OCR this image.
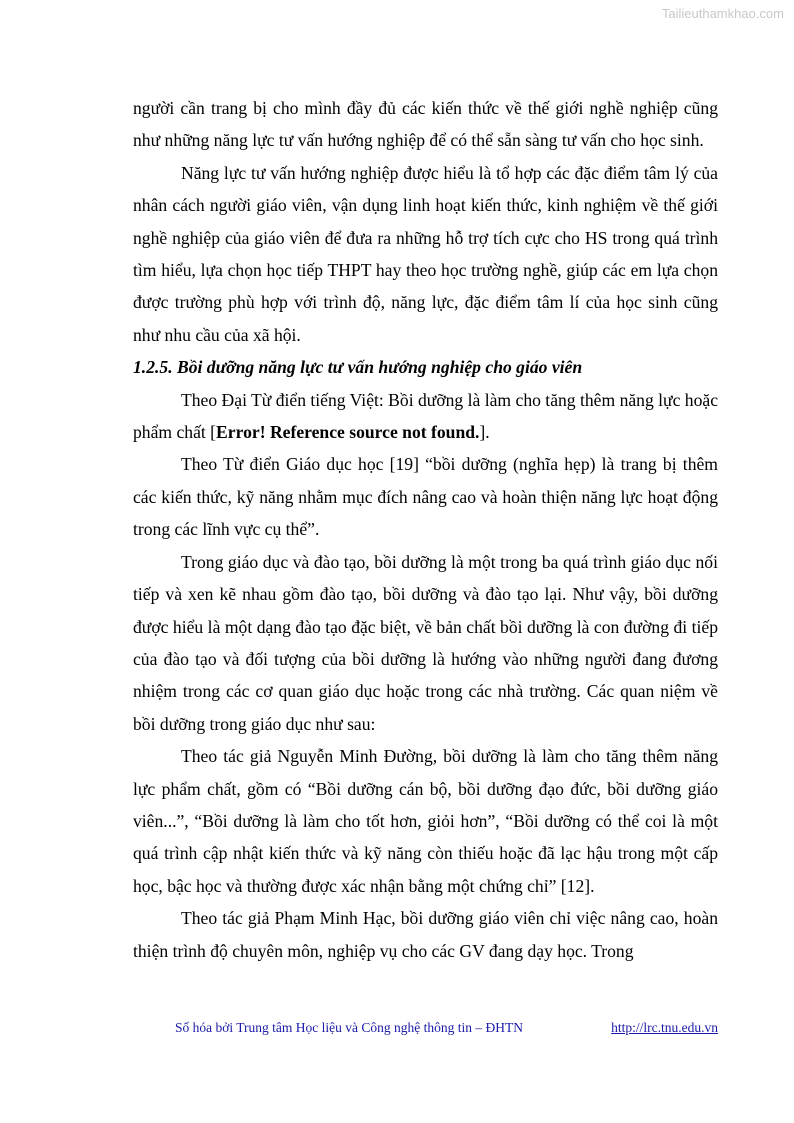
Tailieuthamkhao.com

người cần trang bị cho mình đầy đủ các kiến thức về thế giới nghề nghiệp cũng như những năng lực tư vấn hướng nghiệp để có thể sẵn sàng tư vấn cho học sinh.

Năng lực tư vấn hướng nghiệp được hiểu là tổ hợp các đặc điểm tâm lý của nhân cách người giáo viên, vận dụng linh hoạt kiến thức, kinh nghiệm về thế giới nghề nghiệp của giáo viên để đưa ra những hỗ trợ tích cực cho HS trong quá trình tìm hiểu, lựa chọn học tiếp THPT hay theo học trường nghề, giúp các em lựa chọn được trường phù hợp với trình độ, năng lực, đặc điểm tâm lí của học sinh cũng như nhu cầu của xã hội.

1.2.5. Bồi dưỡng năng lực tư vấn hướng nghiệp cho giáo viên

Theo Đại Từ điển tiếng Việt: Bồi dưỡng là làm cho tăng thêm năng lực hoặc phẩm chất [Error! Reference source not found.].

Theo Từ điển Giáo dục học [19] “bồi dưỡng (nghĩa hẹp) là trang bị thêm các kiến thức, kỹ năng nhằm mục đích nâng cao và hoàn thiện năng lực hoạt động trong các lĩnh vực cụ thể”.

Trong giáo dục và đào tạo, bồi dưỡng là một trong ba quá trình giáo dục nối tiếp và xen kẽ nhau gồm đào tạo, bồi dưỡng và đào tạo lại. Như vậy, bồi dưỡng được hiểu là một dạng đào tạo đặc biệt, về bản chất bồi dưỡng là con đường đi tiếp của đào tạo và đối tượng của bồi dưỡng là hướng vào những người đang đương nhiệm trong các cơ quan giáo dục hoặc trong các nhà trường. Các quan niệm về bồi dưỡng trong giáo dục như sau:

Theo tác giả Nguyễn Minh Đường, bồi dưỡng là làm cho tăng thêm năng lực phẩm chất, gồm có “Bồi dưỡng cán bộ, bồi dưỡng đạo đức, bồi dưỡng giáo viên...”, “Bồi dưỡng là làm cho tốt hơn, giỏi hơn”, “Bồi dưỡng có thể coi là một quá trình cập nhật kiến thức và kỹ năng còn thiếu hoặc đã lạc hậu trong một cấp học, bậc học và thường được xác nhận bằng một chứng chỉ” [12].

Theo tác giả Phạm Minh Hạc, bồi dưỡng giáo viên chỉ việc nâng cao, hoàn thiện trình độ chuyên môn, nghiệp vụ cho các GV đang dạy học. Trong

Số hóa bởi Trung tâm Học liệu và Công nghệ thông tin – ĐHTN	http://lrc.tnu.edu.vn
